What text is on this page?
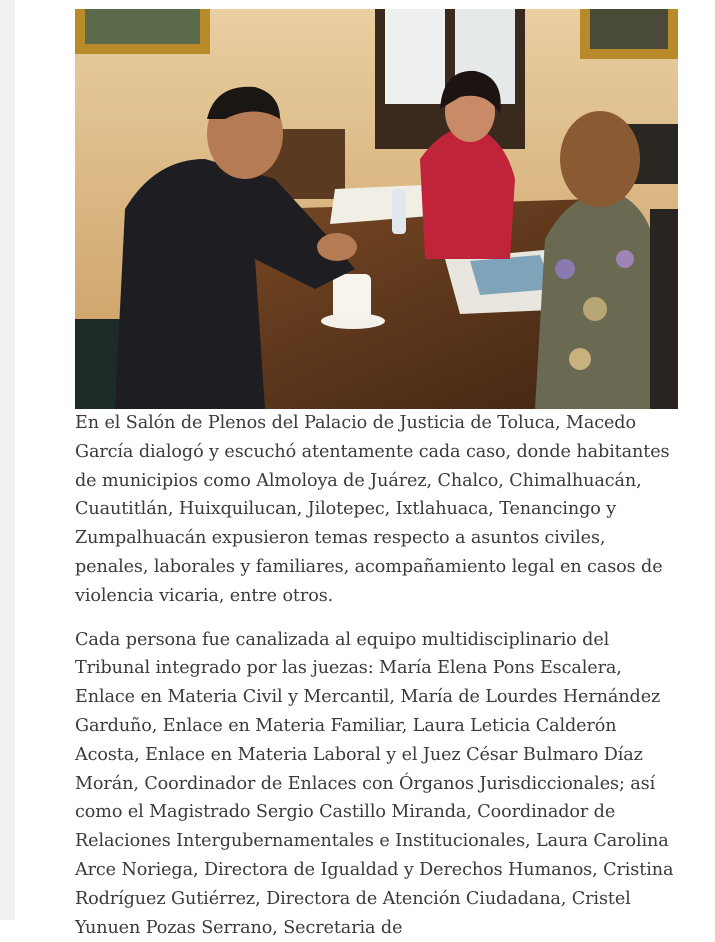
En el Salón de Plenos del Palacio de Justicia de Toluca, Macedo García dialogó y escuchó atentamente cada caso, donde habitantes de municipios como Almoloya de Juárez, Chalco, Chimalhuacán, Cuautitlán, Huixquilucan, Jilotepec, Ixtlahuaca, Tenancingo y Zumpalhuacán expusieron temas respecto a asuntos civiles, penales, laborales y familiares, acompañamiento legal en casos de violencia vicaria, entre otros.

Cada persona fue canalizada al equipo multidisciplinario del Tribunal integrado por las juezas: María Elena Pons Escalera, Enlace en Materia Civil y Mercantil, María de Lourdes Hernández Garduño, Enlace en Materia Familiar, Laura Leticia Calderón Acosta, Enlace en Materia Laboral y el Juez César Bulmaro Díaz Morán, Coordinador de Enlaces con Órganos Jurisdiccionales; así como el Magistrado Sergio Castillo Miranda, Coordinador de Relaciones Intergubernamentales e Institucionales, Laura Carolina Arce Noriega, Directora de Igualdad y Derechos Humanos, Cristina Rodríguez Gutiérrez, Directora de Atención Ciudadana, Cristel Yunuen Pozas Serrano, Secretaria de
